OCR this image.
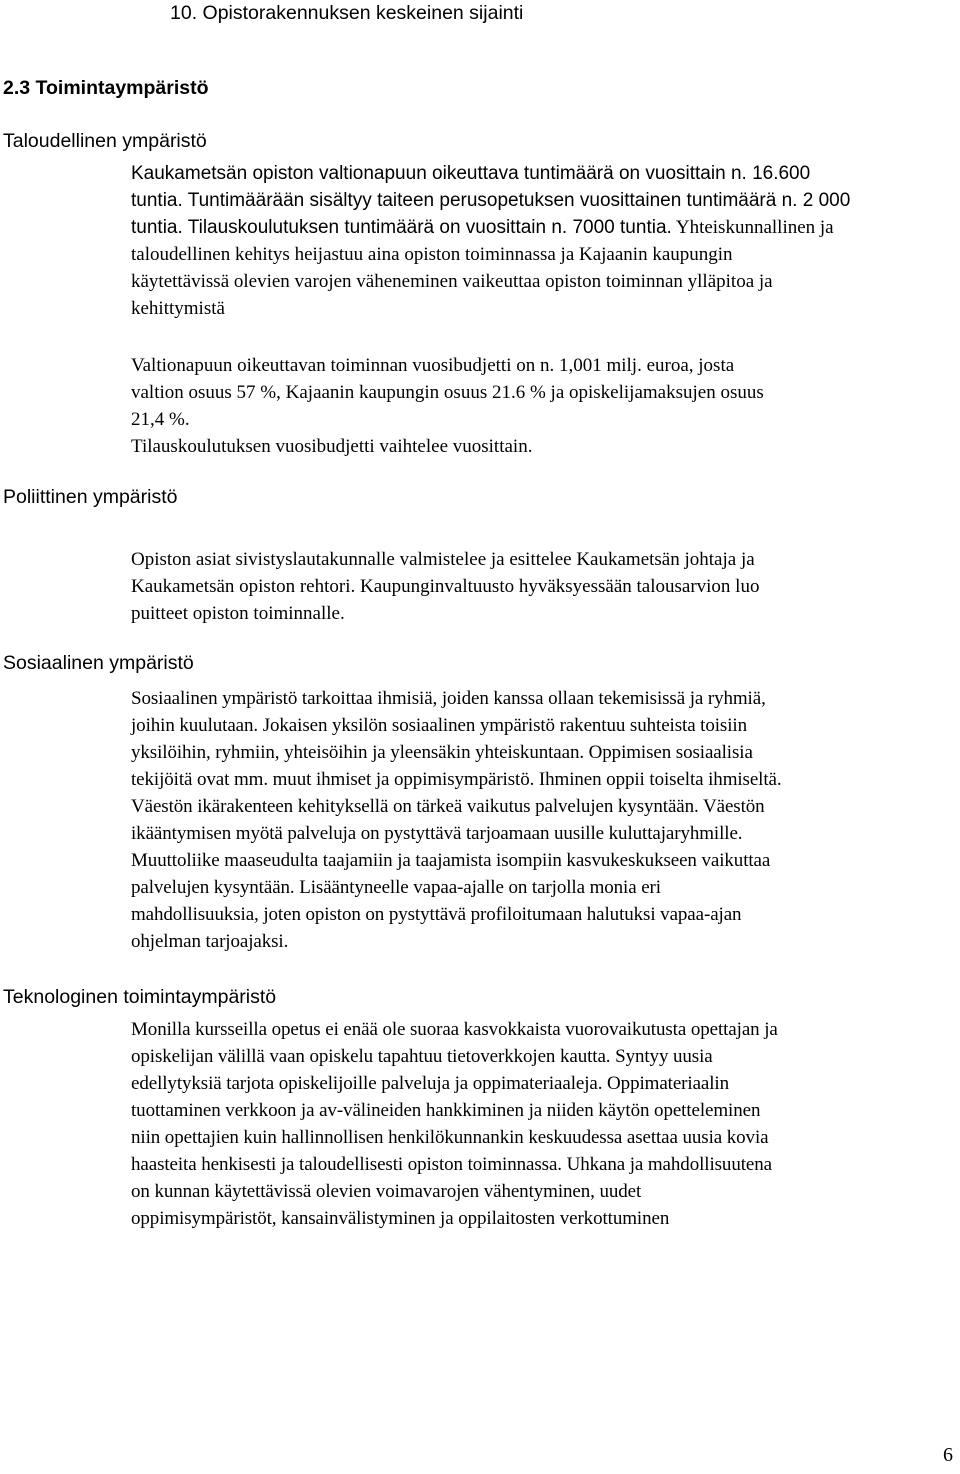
10. Opistorakennuksen keskeinen sijainti
2.3 Toimintaympäristö
Taloudellinen ympäristö
Kaukametsän opiston valtionapuun oikeuttava tuntimäärä on vuosittain n. 16.600
tuntia. Tuntimäärään sisältyy taiteen perusopetuksen vuosittainen tuntimäärä n. 2 000
tuntia. Tilauskoulutuksen tuntimäärä on vuosittain n. 7000 tuntia. Yhteiskunnallinen ja
taloudellinen kehitys heijastuu aina opiston toiminnassa ja Kajaanin kaupungin
käytettävissä olevien varojen väheneminen vaikeuttaa opiston toiminnan ylläpitoa ja
kehittymistä
Valtionapuun oikeuttavan toiminnan vuosibudjetti on n. 1,001 milj. euroa, josta
valtion osuus 57 %, Kajaanin kaupungin osuus 21.6 % ja opiskelijamaksujen osuus
21,4 %.
Tilauskoulutuksen vuosibudjetti vaihtelee vuosittain.
Poliittinen ympäristö
Opiston asiat sivistyslautakunnalle valmistelee ja esittelee Kaukametsän johtaja ja
Kaukametsän opiston rehtori. Kaupunginvaltuusto hyväksyessään talousarvion luo
puitteet opiston toiminnalle.
Sosiaalinen ympäristö
Sosiaalinen ympäristö tarkoittaa ihmisiä, joiden kanssa ollaan tekemisissä ja ryhmiä,
joihin kuulutaan. Jokaisen yksilön sosiaalinen ympäristö rakentuu suhteista toisiin
yksilöihin, ryhmiin, yhteisöihin ja yleensäkin yhteiskuntaan. Oppimisen sosiaalisia
tekijöitä ovat mm. muut ihmiset ja oppimisympäristö. Ihminen oppii toiselta ihmiseltä.
Väestön ikärakenteen kehityksellä on tärkeä vaikutus palvelujen kysyntään. Väestön
ikääntymisen myötä palveluja on pystyttävä tarjoamaan uusille kuluttajaryhmille.
Muuttoliike maaseudulta taajamiin ja taajamista isompiin kasvukeskukseen vaikuttaa
palvelujen kysyntään. Lisääntyneelle vapaa-ajalle on tarjolla monia eri
mahdollisuuksia, joten opiston on pystyttävä profiloitumaan halutuksi vapaa-ajan
ohjelman tarjoajaksi.
Teknologinen toimintaympäristö
Monilla kursseilla opetus ei enää ole suoraa kasvokkaista vuorovaikutusta opettajan ja
opiskelijan välillä vaan opiskelu tapahtuu tietoverkkojen kautta. Syntyy uusia
edellytyksiä tarjota opiskelijoille palveluja ja oppimateriaaleja. Oppimateriaalin
tuottaminen verkkoon ja av-välineiden hankkiminen ja niiden käytön opetteleminen
niin opettajien kuin hallinnollisen henkilökunnankin keskuudessa asettaa uusia kovia
haasteita henkisesti ja taloudellisesti opiston toiminnassa. Uhkana ja mahdollisuutena
on kunnan käytettävissä olevien voimavarojen vähentyminen, uudet
oppimisympäristöt, kansainvälistyminen ja oppilaitosten verkottuminen
6
